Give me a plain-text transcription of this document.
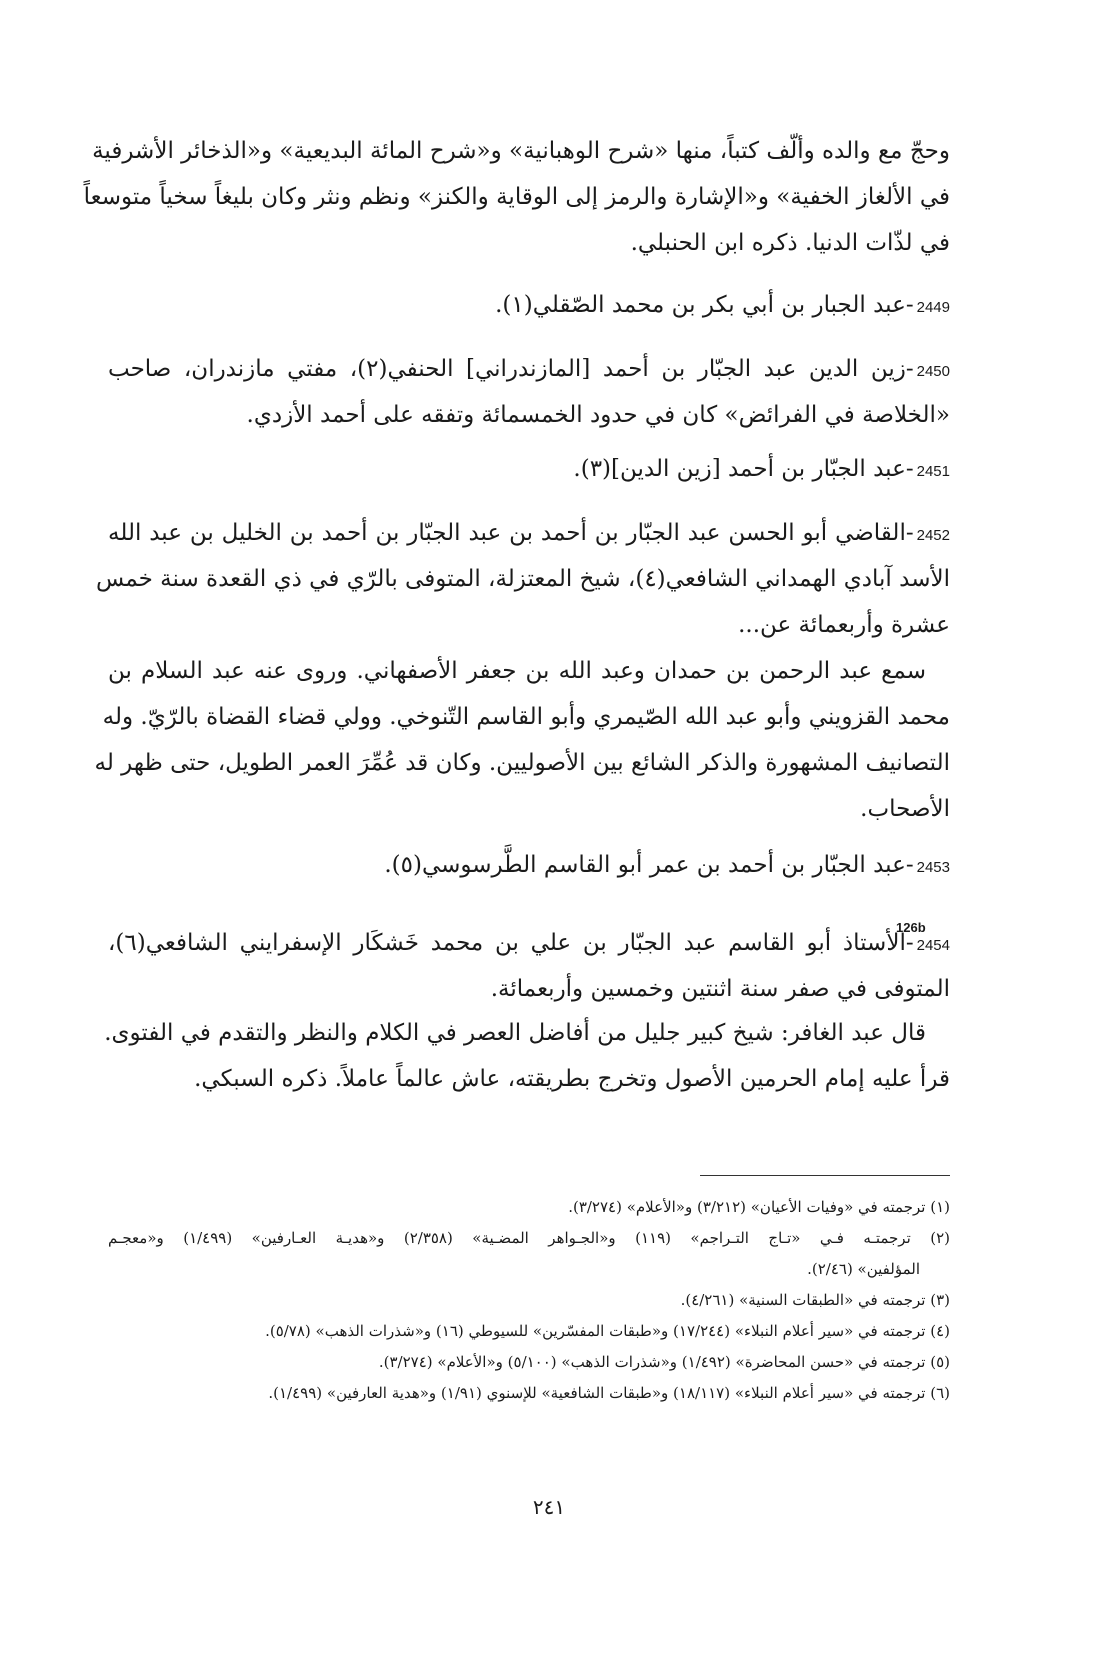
وحجّ مع والده وألّف كتباً، منها «شرح الوهبانية» و«شرح المائة البديعية» و«الذخائر الأشرفية
في الألغاز الخفية» و«الإشارة والرمز إلى الوقاية والكنز» ونظم ونثر وكان بليغاً سخياً متوسعاً
في لذّات الدنيا. ذكره ابن الحنبلي.
2449-عبد الجبار بن أبي بكر بن محمد الصّقلي(١).
2450-زين الدين عبد الجبّار بن أحمد [المازندراني] الحنفي(٢)، مفتي مازندران، صاحب
«الخلاصة في الفرائض» كان في حدود الخمسمائة وتفقه على أحمد الأزدي.
2451-عبد الجبّار بن أحمد [زين الدين](٣).
2452-القاضي أبو الحسن عبد الجبّار بن أحمد بن عبد الجبّار بن أحمد بن الخليل بن عبد الله
الأسد آبادي الهمداني الشافعي(٤)، شيخ المعتزلة، المتوفى بالرّي في ذي القعدة سنة خمس
عشرة وأربعمائة عن...
سمع عبد الرحمن بن حمدان وعبد الله بن جعفر الأصفهاني. وروى عنه عبد السلام بن
محمد القزويني وأبو عبد الله الصّيمري وأبو القاسم التّنوخي. وولي قضاء القضاة بالرّيّ. وله
التصانيف المشهورة والذكر الشائع بين الأصوليين. وكان قد عُمِّرَ العمر الطويل، حتى ظهر له
الأصحاب.
2453-عبد الجبّار بن أحمد بن عمر أبو القاسم الطَّرسوسي(٥).
126b
2454-الأستاذ أبو القاسم عبد الجبّار بن علي بن محمد خَشكَار الإسفرايني الشافعي(٦)،
المتوفى في صفر سنة اثنتين وخمسين وأربعمائة.
قال عبد الغافر: شيخ كبير جليل من أفاضل العصر في الكلام والنظر والتقدم في الفتوى.
قرأ عليه إمام الحرمين الأصول وتخرج بطريقته، عاش عالماً عاملاً. ذكره السبكي.
(١) ترجمته في «وفيات الأعيان» (٣/٢١٢) و«الأعلام» (٣/٢٧٤).
(٢) ترجمتـه فـي «تـاج التـراجم» (١١٩) و«الجـواهر المضـية» (٢/٣٥٨) و«هديـة العـارفين» (١/٤٩٩) و«معجـم
المؤلفين» (٢/٤٦).
(٣) ترجمته في «الطبقات السنية» (٤/٢٦١).
(٤) ترجمته في «سير أعلام النبلاء» (١٧/٢٤٤) و«طبقات المفسّرين» للسيوطي (١٦) و«شذرات الذهب» (٥/٧٨).
(٥) ترجمته في «حسن المحاضرة» (١/٤٩٢) و«شذرات الذهب» (٥/١٠٠) و«الأعلام» (٣/٢٧٤).
(٦) ترجمته في «سير أعلام النبلاء» (١٨/١١٧) و«طبقات الشافعية» للإسنوي (١/٩١) و«هدية العارفين» (١/٤٩٩).
٢٤١
